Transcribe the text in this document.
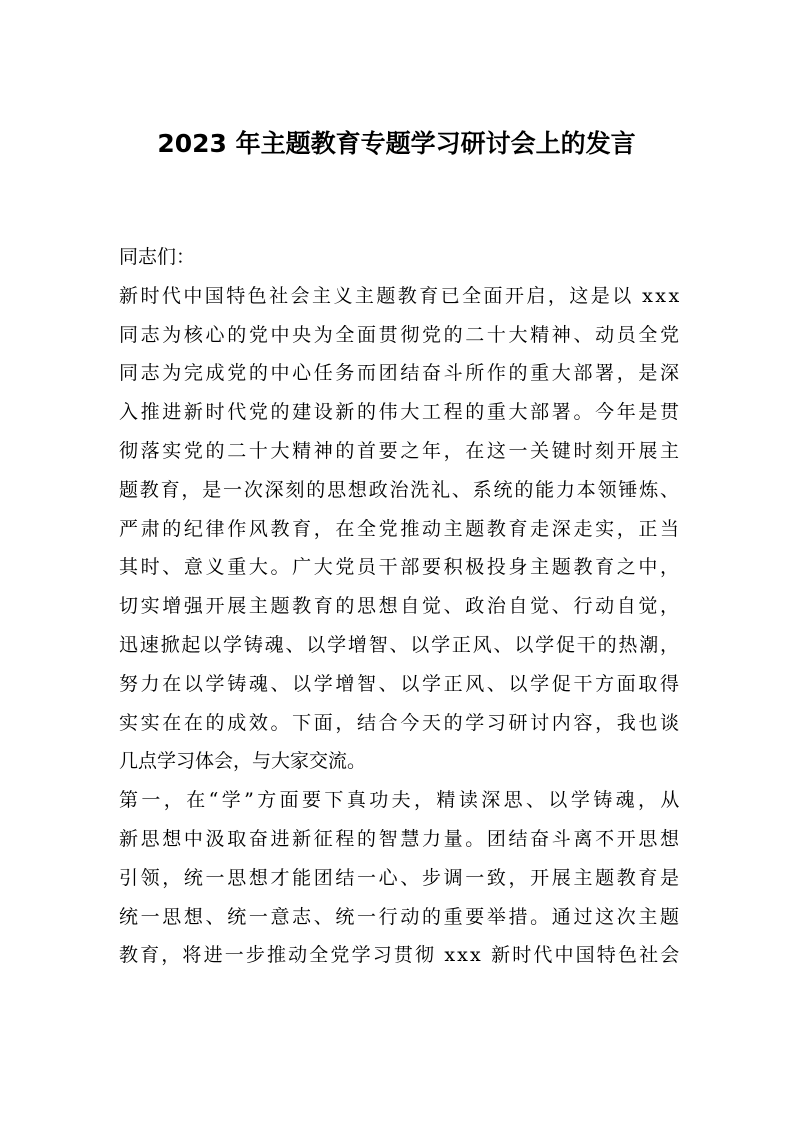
2023 年主题教育专题学习研讨会上的发言
同志们：
新时代中国特色社会主义主题教育已全面开启，这是以 xxx
同志为核心的党中央为全面贯彻党的二十大精神、动员全党
同志为完成党的中心任务而团结奋斗所作的重大部署，是深
入推进新时代党的建设新的伟大工程的重大部署。今年是贯
彻落实党的二十大精神的首要之年，在这一关键时刻开展主
题教育，是一次深刻的思想政治洗礼、系统的能力本领锤炼、
严肃的纪律作风教育，在全党推动主题教育走深走实，正当
其时、意义重大。广大党员干部要积极投身主题教育之中，
切实增强开展主题教育的思想自觉、政治自觉、行动自觉，
迅速掀起以学铸魂、以学增智、以学正风、以学促干的热潮，
努力在以学铸魂、以学增智、以学正风、以学促干方面取得
实实在在的成效。下面，结合今天的学习研讨内容，我也谈
几点学习体会，与大家交流。
第一，在“学”方面要下真功夫，精读深思、以学铸魂，从
新思想中汲取奋进新征程的智慧力量。团结奋斗离不开思想
引领，统一思想才能团结一心、步调一致，开展主题教育是
统一思想、统一意志、统一行动的重要举措。通过这次主题
教育，将进一步推动全党学习贯彻 xxx 新时代中国特色社会
